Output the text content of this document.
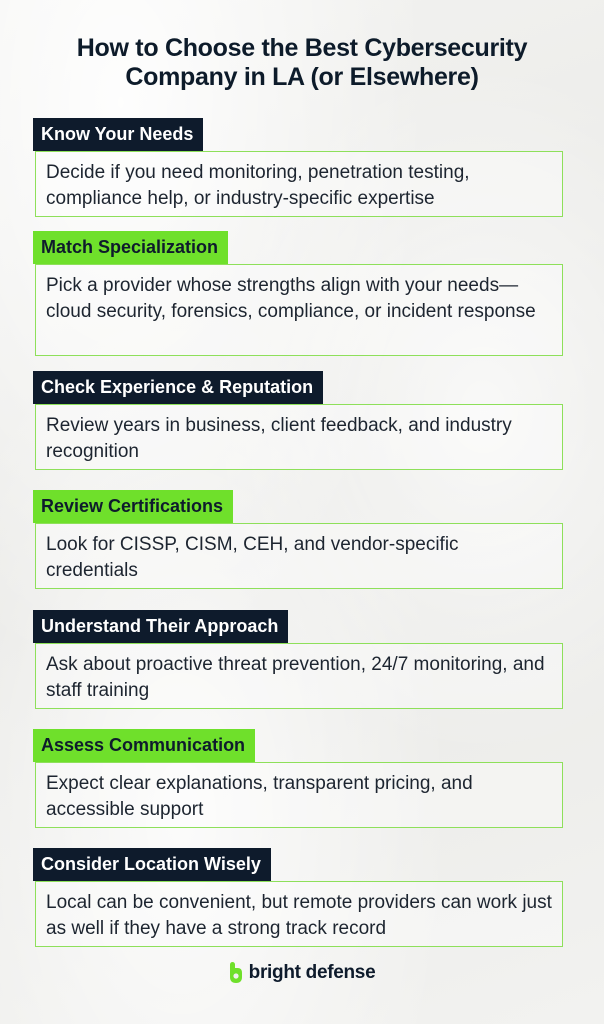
How to Choose the Best Cybersecurity
Company in LA (or Elsewhere)
Decide if you need monitoring, penetration testing, compliance help, or industry-specific expertise
Know Your Needs
Pick a provider whose strengths align with your needs—cloud security, forensics, compliance, or incident response
Match Specialization
Review years in business, client feedback, and industry recognition
Check Experience & Reputation
Look for CISSP, CISM, CEH, and vendor-specific credentials
Review Certifications
Ask about proactive threat prevention, 24/7 monitoring, and staff training
Understand Their Approach
Expect clear explanations, transparent pricing, and accessible support
Assess Communication
Local can be convenient, but remote providers can work just as well if they have a strong track record
Consider Location Wisely
bright defense
